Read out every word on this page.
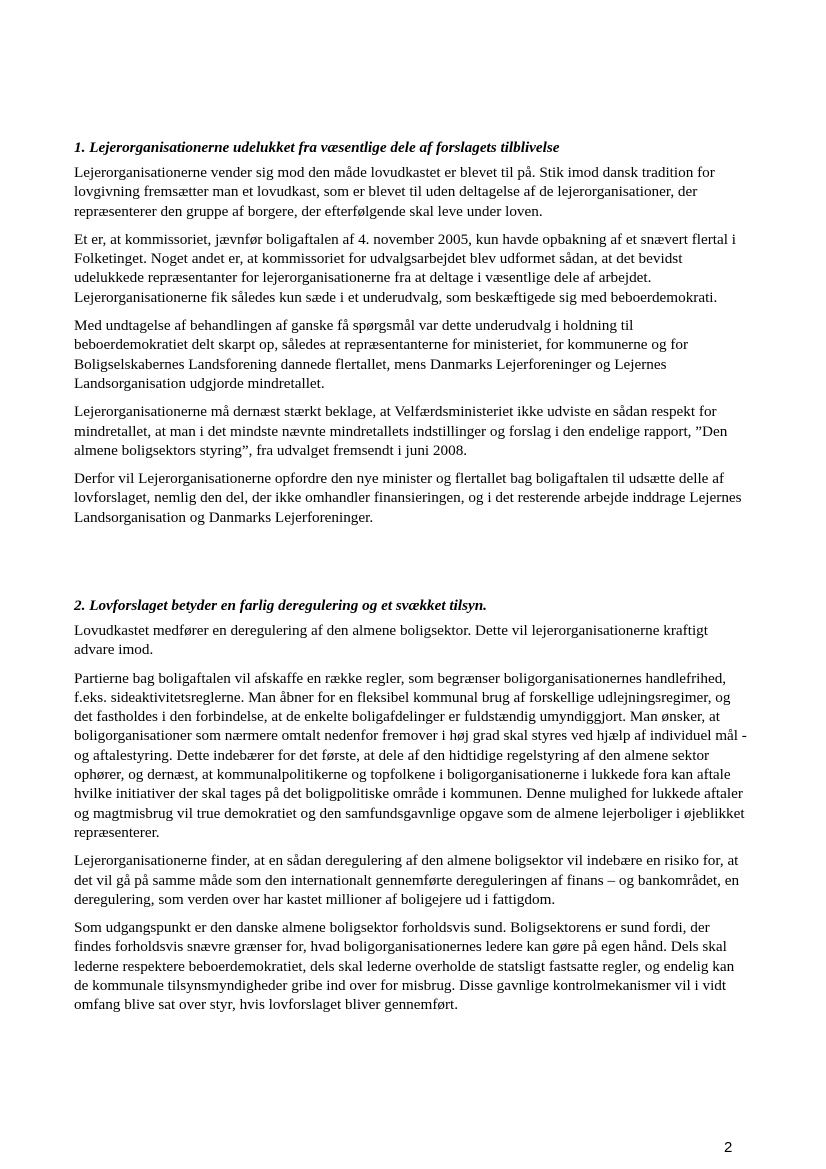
1. Lejerorganisationerne udelukket fra væsentlige dele af forslagets tilblivelse

Lejerorganisationerne vender sig mod den måde lovudkastet er blevet til på. Stik imod dansk tradition for lovgivning fremsætter man et lovudkast, som er blevet til uden deltagelse af de lejerorganisationer, der repræsenterer den gruppe af borgere, der efterfølgende skal leve under loven.

Et er, at kommissoriet, jævnfør boligaftalen af 4. november 2005, kun havde opbakning af et snævert flertal i Folketinget. Noget andet er, at kommissoriet for udvalgsarbejdet blev udformet sådan, at det bevidst udelukkede repræsentanter for lejerorganisationerne fra at deltage i væsentlige dele af arbejdet. Lejerorganisationerne fik således kun sæde i et underudvalg, som beskæftigede sig med beboerdemokrati.

Med undtagelse af behandlingen af ganske få spørgsmål var dette underudvalg i holdning til beboerdemokratiet delt skarpt op, således at repræsentanterne for ministeriet, for kommunerne og for Boligselskabernes Landsforening dannede flertallet, mens Danmarks Lejerforeninger og Lejernes Landsorganisation udgjorde mindretallet.

Lejerorganisationerne må dernæst stærkt beklage, at Velfærdsministeriet ikke udviste en sådan respekt for mindretallet, at man i det mindste nævnte mindretallets indstillinger og forslag i den endelige rapport, ”Den almene boligsektors styring”, fra udvalget fremsendt i juni 2008.

Derfor vil Lejerorganisationerne opfordre den nye minister og flertallet bag boligaftalen til udsætte delle af lovforslaget, nemlig den del, der ikke omhandler finansieringen, og i det resterende arbejde inddrage Lejernes Landsorganisation og Danmarks Lejerforeninger.

2. Lovforslaget betyder en farlig deregulering og et svækket tilsyn.

Lovudkastet medfører en deregulering af den almene boligsektor. Dette vil lejerorganisationerne kraftigt advare imod.

Partierne bag boligaftalen vil afskaffe en række regler, som begrænser boligorganisationernes handlefrihed, f.eks. sideaktivitetsreglerne. Man åbner for en fleksibel kommunal brug af forskellige udlejningsregimer, og det fastholdes i den forbindelse, at de enkelte boligafdelinger er fuldstændig umyndiggjort. Man ønsker, at boligorganisationer som nærmere omtalt nedenfor fremover i høj grad skal styres ved hjælp af individuel mål - og aftalestyring. Dette indebærer for det første, at dele af den hidtidige regelstyring af den almene sektor ophører, og dernæst, at kommunalpolitikerne og topfolkene i boligorganisationerne i lukkede fora kan aftale hvilke initiativer der skal tages på det boligpolitiske område i kommunen. Denne mulighed for lukkede aftaler og magtmisbrug vil true demokratiet og den samfundsgavnlige opgave som de almene lejerboliger i øjeblikket repræsenterer.

Lejerorganisationerne finder, at en sådan deregulering af den almene boligsektor vil indebære en risiko for, at det vil gå på samme måde som den internationalt gennemførte dereguleringen af finans – og bankområdet, en deregulering, som verden over har kastet millioner af boligejere ud i fattigdom.

Som udgangspunkt er den danske almene boligsektor forholdsvis sund. Boligsektorens er sund fordi, der findes forholdsvis snævre grænser for, hvad boligorganisationernes ledere kan gøre på egen hånd. Dels skal lederne respektere beboerdemokratiet, dels skal lederne overholde de statsligt fastsatte regler, og endelig kan de kommunale tilsynsmyndigheder gribe ind over for misbrug. Disse gavnlige kontrolmekanismer vil i vidt omfang blive sat over styr, hvis lovforslaget bliver gennemført.

2
